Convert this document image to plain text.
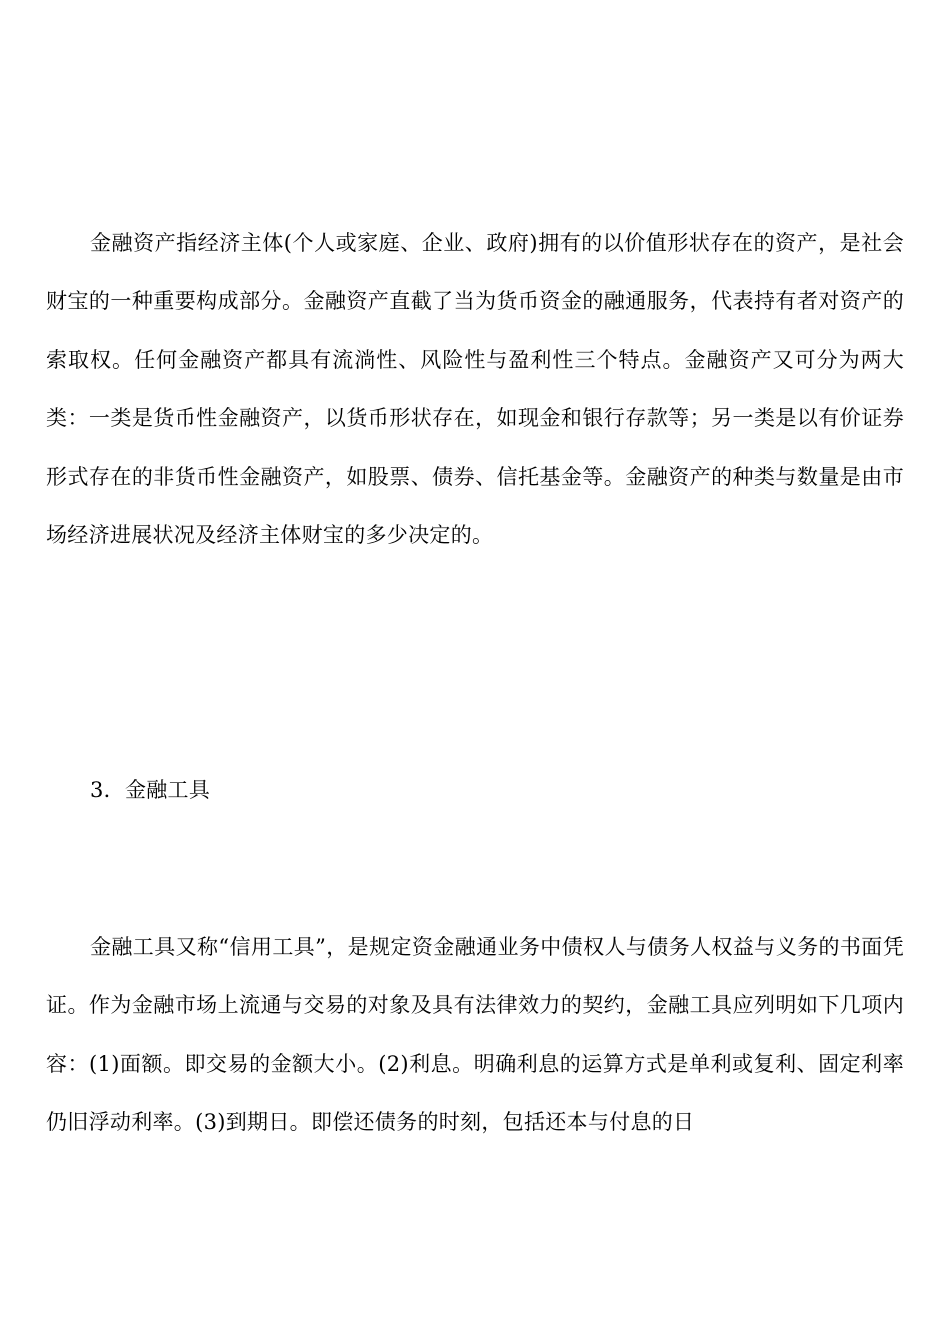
金融资产指经济主体(个人或家庭、企业、政府)拥有的以价值形状存在的资产，是社会财宝的一种重要构成部分。金融资产直截了当为货币资金的融通服务，代表持有者对资产的索取权。任何金融资产都具有流淌性、风险性与盈利性三个特点。金融资产又可分为两大类：一类是货币性金融资产，以货币形状存在，如现金和银行存款等；另一类是以有价证券形式存在的非货币性金融资产，如股票、债券、信托基金等。金融资产的种类与数量是由市场经济进展状况及经济主体财宝的多少决定的。

3．金融工具

金融工具又称“信用工具”，是规定资金融通业务中债权人与债务人权益与义务的书面凭证。作为金融市场上流通与交易的对象及具有法律效力的契约，金融工具应列明如下几项内容：(1)面额。即交易的金额大小。(2)利息。明确利息的运算方式是单利或复利、固定利率仍旧浮动利率。(3)到期日。即偿还债务的时刻，包括还本与付息的日
